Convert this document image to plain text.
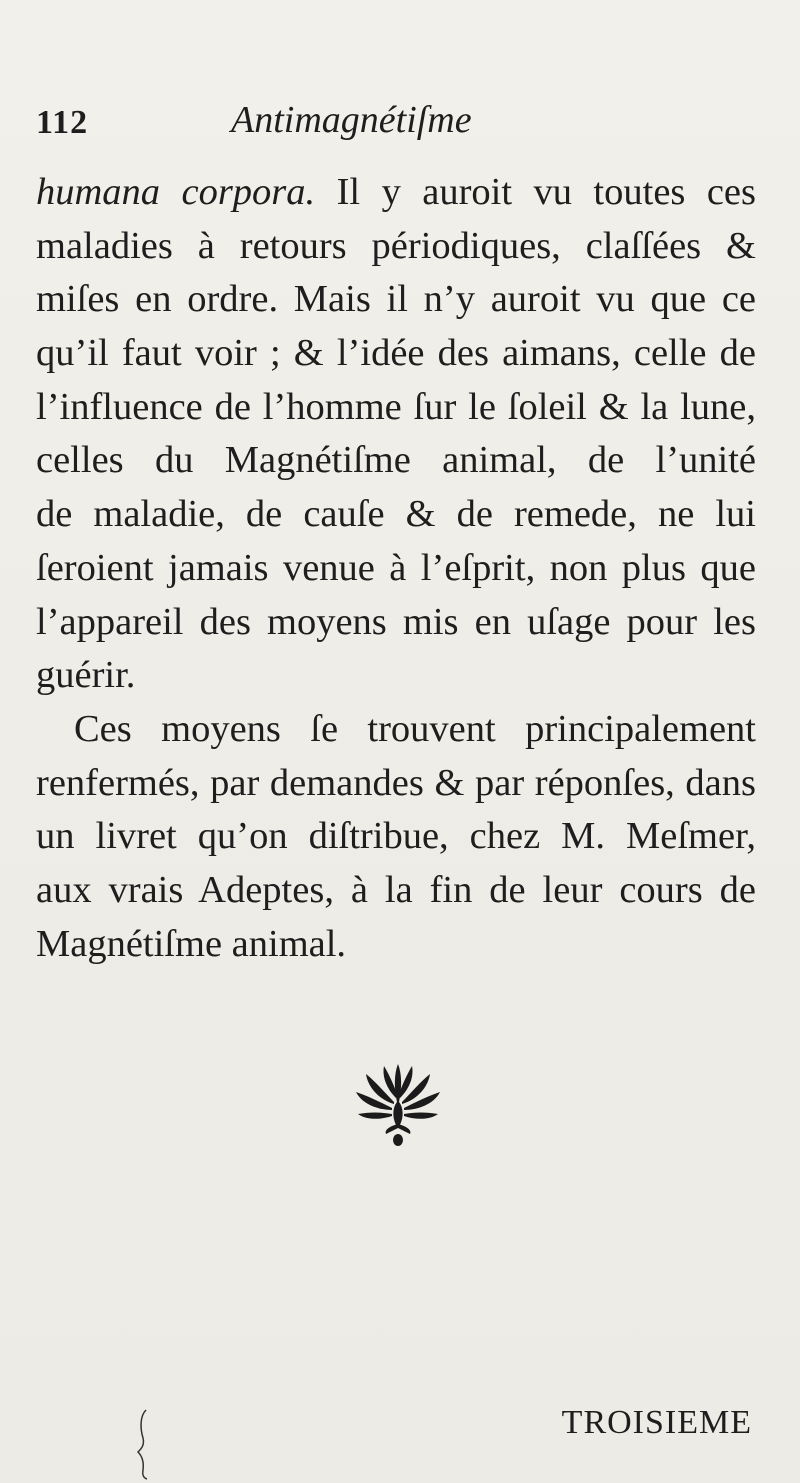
112	Antimagnétiſme
humana corpora. Il y auroit vu toutes ces
maladies à retours périodiques, claſſées &
miſes en ordre. Mais il n’y auroit vu que ce
qu’il faut voir ; & l’idée des aimans, celle de
l’influence de l’homme ſur le ſoleil & la lune,
celles du Magnétiſme animal, de l’unité
de maladie, de cauſe & de remede, ne lui
ſeroient jamais venue à l’eſprit, non plus que
l’appareil des moyens mis en uſage pour les
guérir.
Ces moyens ſe trouvent principalement
renfermés, par demandes & par réponſes, dans
un livret qu’on diſtribue, chez M. Meſmer,
aux vrais Adeptes, à la fin de leur cours de
Magnétiſme animal.
TROISIEME
